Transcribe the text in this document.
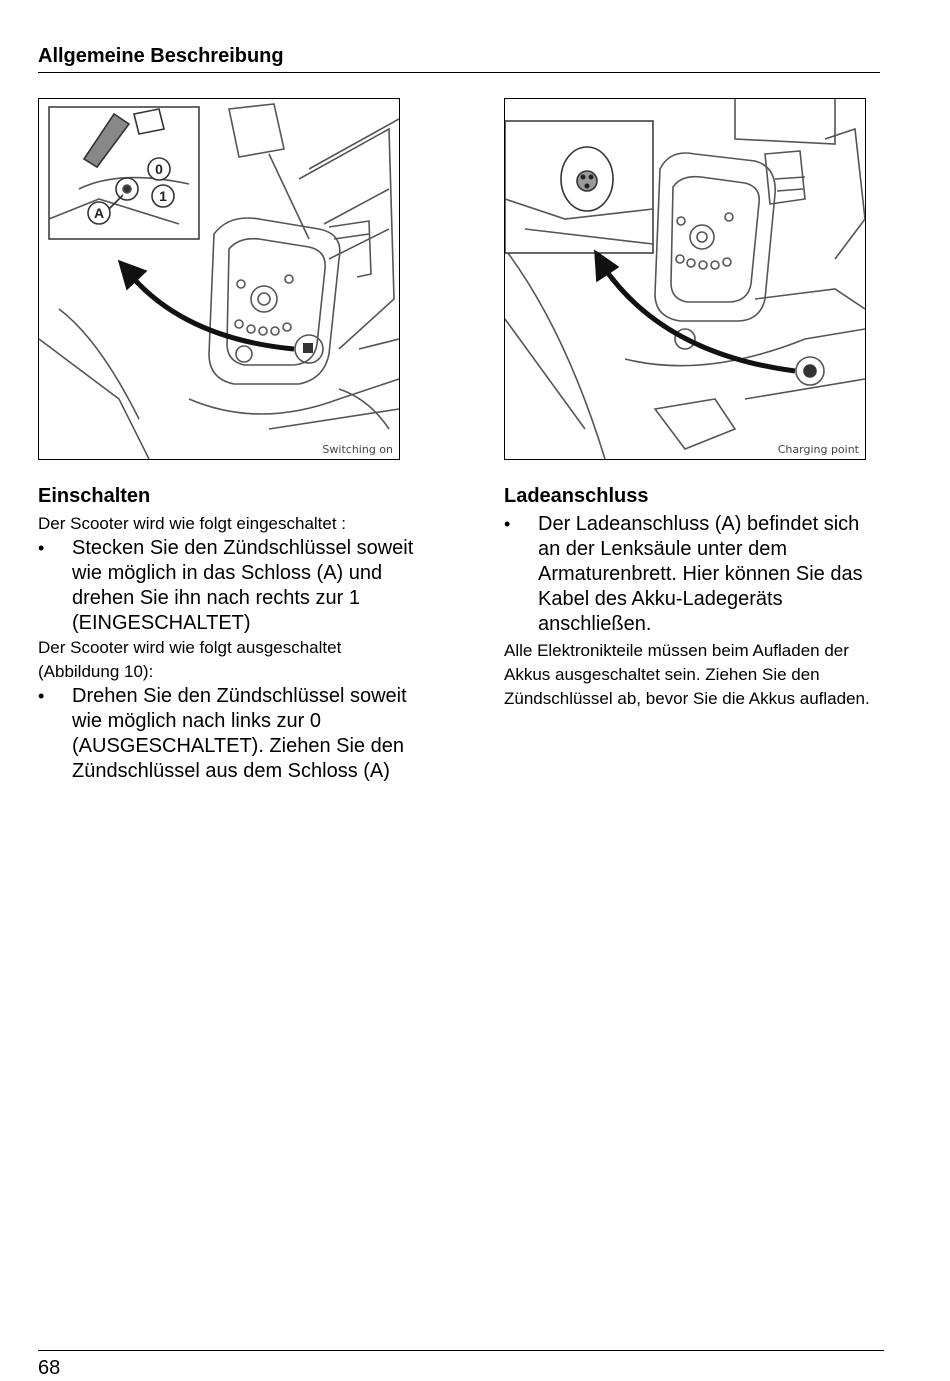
Allgemeine Beschreibung
0
1
A
Switching on	Charging point
Einschalten

Der Scooter wird wie folgt eingeschaltet :

• Stecken Sie den Zündschlüssel soweit wie möglich in das Schloss (A) und drehen Sie ihn nach rechts zur 1 (EINGESCHALTET)

Der Scooter wird wie folgt ausgeschaltet (Abbildung 10):

• Drehen Sie den Zündschlüssel soweit wie möglich nach links zur 0 (AUSGESCHALTET). Ziehen Sie den Zündschlüssel aus dem Schloss (A)
Ladeanschluss
• Der Ladeanschluss (A) befindet sich an der Lenksäule unter dem Armaturenbrett. Hier können Sie das Kabel des Akku-Ladegeräts anschließen.

Alle Elektronikteile müssen beim Aufladen der Akkus ausgeschaltet sein. Ziehen Sie den Zündschlüssel ab, bevor Sie die Akkus aufladen.

68
